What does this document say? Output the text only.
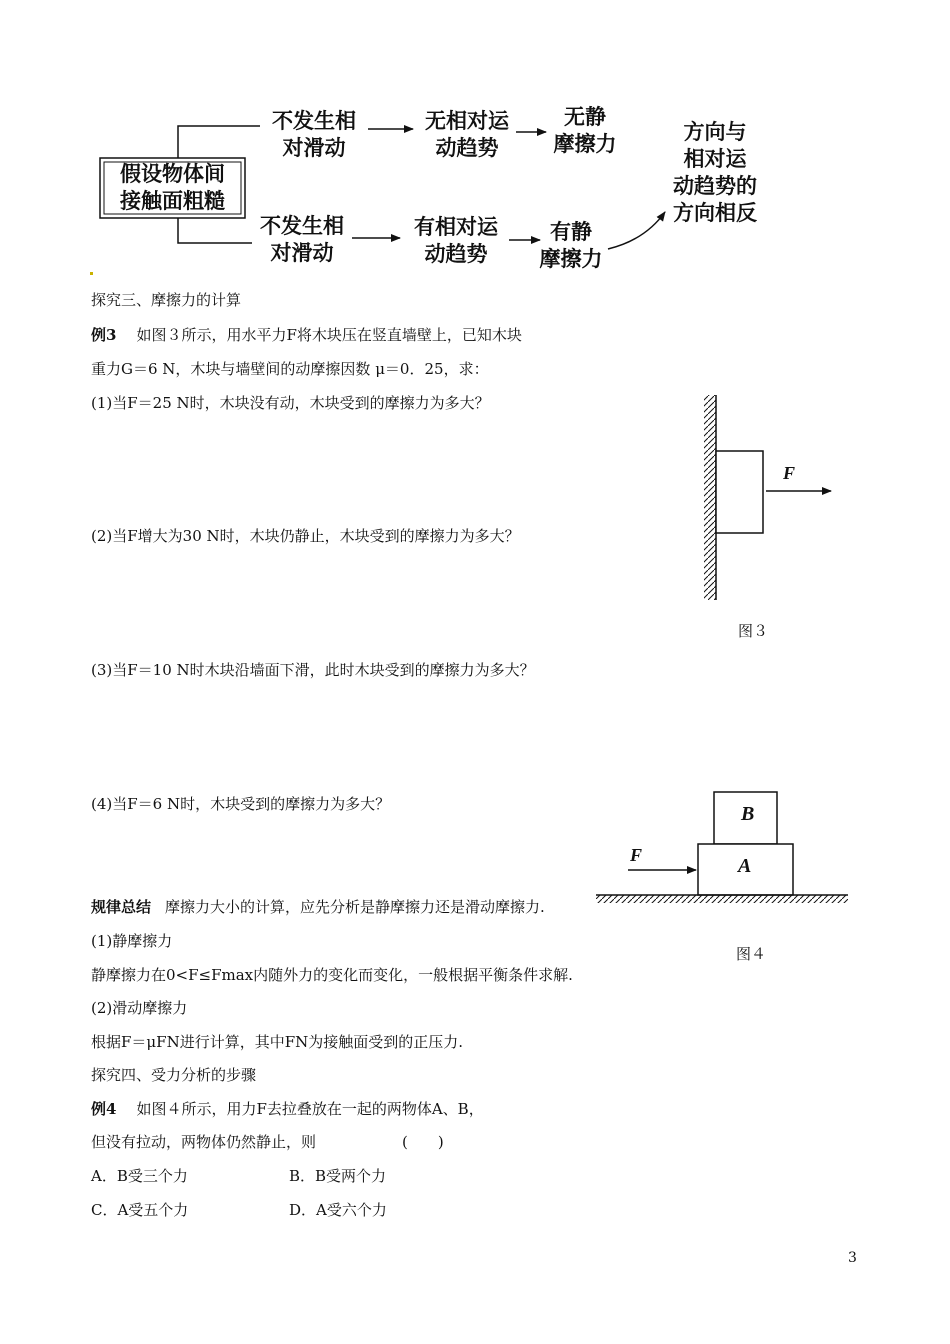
假设物体间
接触面粗糙
不发生相
对滑动
无相对运
动趋势
无静
摩擦力
不发生相
对滑动
有相对运
动趋势
有静
摩擦力
方向与
相对运
动趋势的
方向相反
探究三、摩擦力的计算
例3 如图３所示，用水平力F将木块压在竖直墙壁上，已知木块
重力G＝6 N，木块与墙壁间的动摩擦因数 μ＝0．25，求：
(1)当F＝25 N时，木块没有动，木块受到的摩擦力为多大？
(2)当F增大为30 N时，木块仍静止，木块受到的摩擦力为多大？
(3)当F＝10 N时木块沿墙面下滑，此时木块受到的摩擦力为多大？
(4)当F＝6 N时，木块受到的摩擦力为多大？
F
图３
B
A
F
图４
规律总结 摩擦力大小的计算，应先分析是静摩擦力还是滑动摩擦力.
(1)静摩擦力
静摩擦力在0<F≤Fmax内随外力的变化而变化，一般根据平衡条件求解.
(2)滑动摩擦力
根据F＝μFN进行计算，其中FN为接触面受到的正压力.
探究四、受力分析的步骤
例4 如图４所示，用力F去拉叠放在一起的两物体A、B，
但没有拉动，两物体仍然静止，则	(　　)
A．B受三个力	B．B受两个力
C．A受五个力	D．A受六个力
3
